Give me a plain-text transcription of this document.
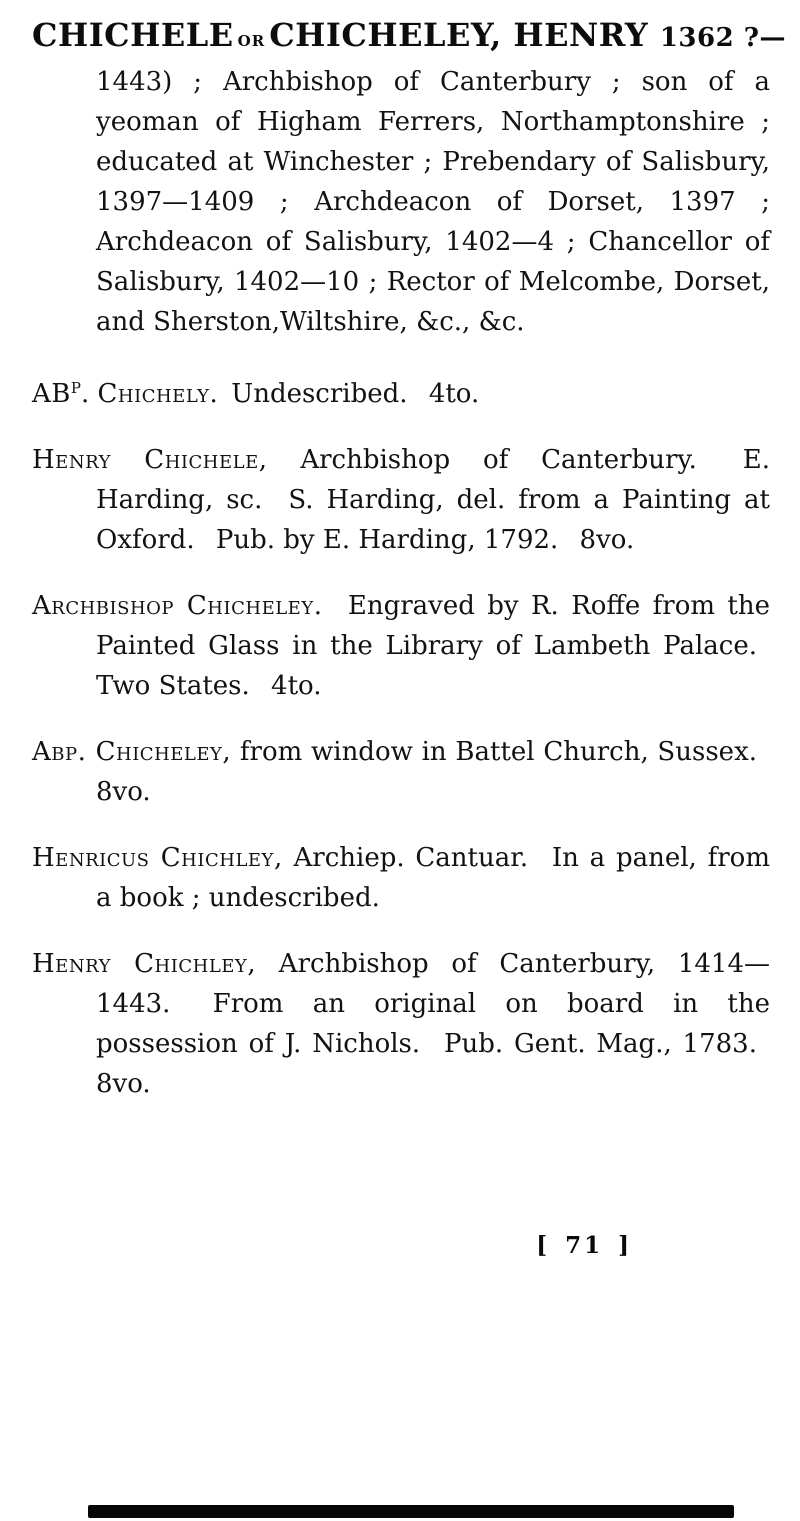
CHICHELE or CHICHELEY, HENRY 1362 ?—

1443) ; Archbishop of Canterbury ; son of a yeoman of Higham Ferrers, Northamptonshire ; educated at Winchester ; Prebendary of Salisbury, 1397—1409 ; Archdeacon of Dorset, 1397 ; Archdeacon of Salisbury, 1402—4 ; Chancellor of Salisbury, 1402—10 ; Rector of Melcombe, Dorset, and Sherston,Wiltshire, &c., &c.

$AB^P$. Chichely. Undescribed.  4to.

Henry Chichele, Archbishop of Canterbury.  E. Harding, sc.  S. Harding, del. from a Painting at Oxford.  Pub. by E. Harding, 1792.  8vo.

Archbishop Chicheley.  Engraved by R. Roffe from the Painted Glass in the Library of Lambeth Palace.  Two States.  4to.

Abp. Chicheley, from window in Battel Church, Sussex.  8vo.

Henricus Chichley, Archiep. Cantuar.  In a panel, from a book ; undescribed.

Henry Chichley, Archbishop of Canterbury, 1414—1443.  From an original on board in the possession of J. Nichols.  Pub. Gent. Mag., 1783.  8vo.

[ 71 ]
